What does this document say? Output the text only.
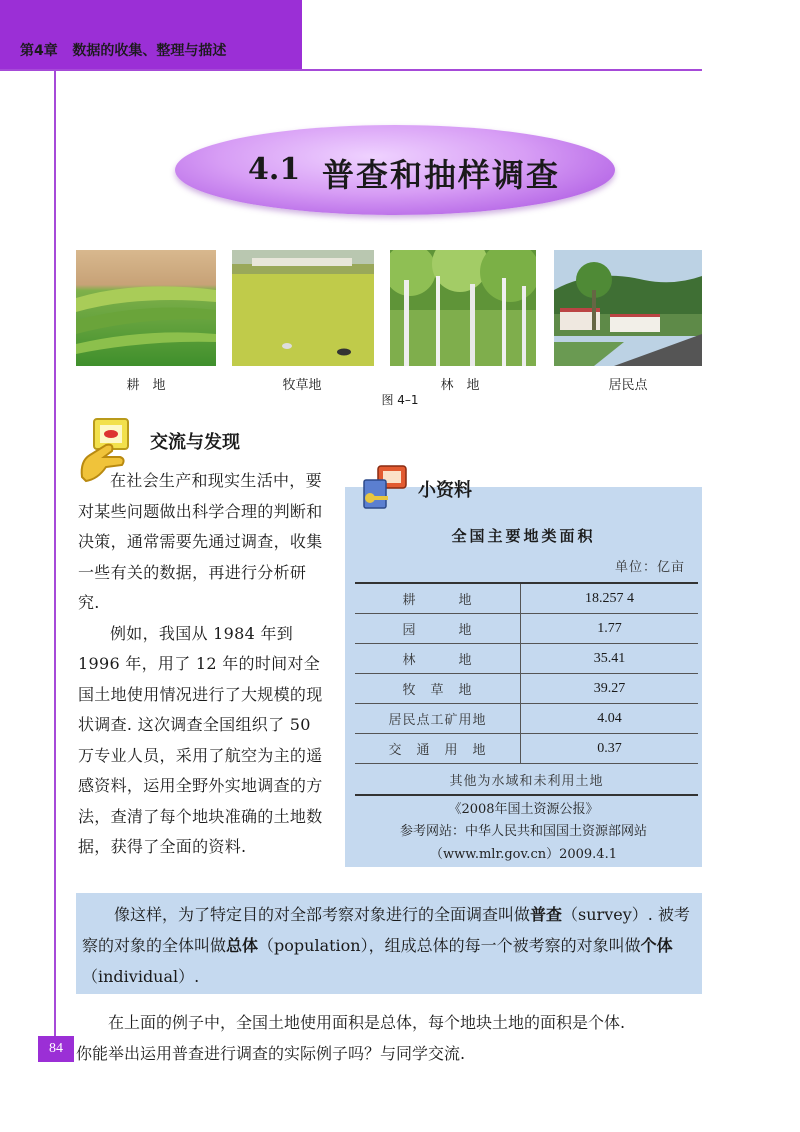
第4章 数据的收集、整理与描述
4.1 普查和抽样调查
耕　地	牧草地	林　地	居民点
图 4–1
交流与发现

在社会生产和现实生活中，要对某些问题做出科学合理的判断和决策，通常需要先通过调查，收集一些有关的数据，再进行分析研究.

例如，我国从 1984 年到 1996 年，用了 12 年的时间对全国土地使用情况进行了大规模的现状调查. 这次调查全国组织了 50 万专业人员，采用了航空为主的遥感资料，运用全野外实地调查的方法，查清了每个地块准确的土地数据，获得了全面的资料.

小资料
全国主要地类面积
单位：亿亩
耕　　　地	18.257 4
园　　　地	1.77
林　　　地	35.41
牧　草　地	39.27
居民点工矿用地	4.04
交　通　用　地	0.37
其他为水域和未利用土地	
《2008年国土资源公报》
参考网站：中华人民共和国国土资源部网站
（www.mlr.gov.cn）2009.4.1
  像这样，为了特定目的对全部考察对象进行的全面调查叫做普查（survey）. 被考察的对象的全体叫做总体（population），组成总体的每一个被考察的对象叫做个体（individual）.

在上面的例子中，全国土地使用面积是总体，每个地块土地的面积是个体.

你能举出运用普查进行调查的实际例子吗？与同学交流.

84
